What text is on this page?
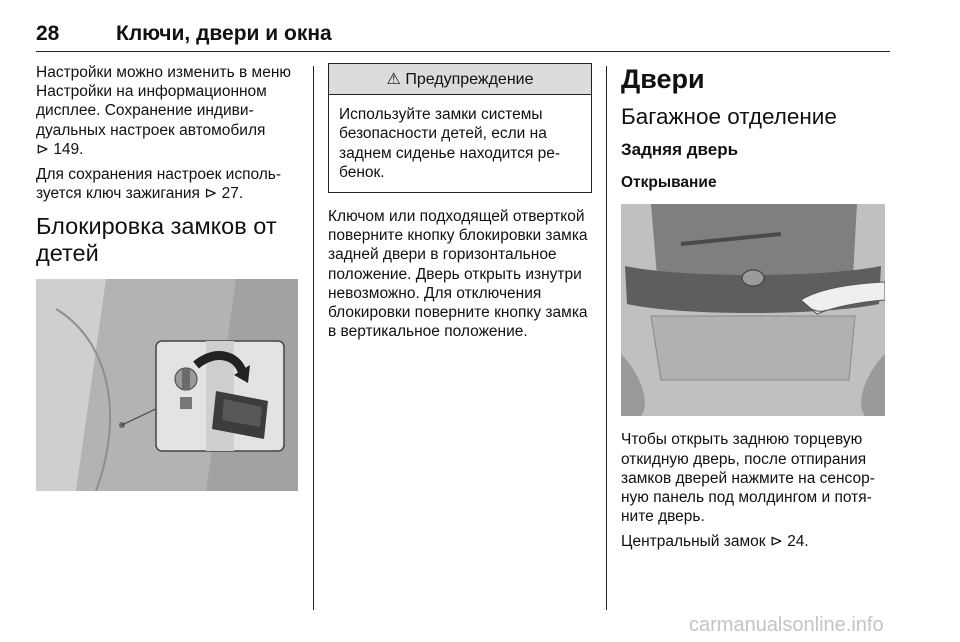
28	Ключи, двери и окна

Настройки можно изменить в меню Настройки на информационном дисплее. Сохранение индивидуальных настроек автомобиля
⊳ 149.

Для сохранения настроек используется ключ зажигания ⊳ 27.

Блокировка замков от детей
⚠ Предупреждение
Используйте замки системы безопасности детей, если на заднем сиденье находится ребенок.

Ключом или подходящей отверткой поверните кнопку блокировки замка задней двери в горизонтальное положение. Дверь открыть изнутри невозможно. Для отключения блокировки поверните кнопку замка в вертикальное положение.

Двери
Багажное отделение
Задняя дверь
Открывание

Чтобы открыть заднюю торцевую откидную дверь, после отпирания замков дверей нажмите на сенсорную панель под молдингом и потяните дверь.

Центральный замок ⊳ 24.

carmanualsonline.info
